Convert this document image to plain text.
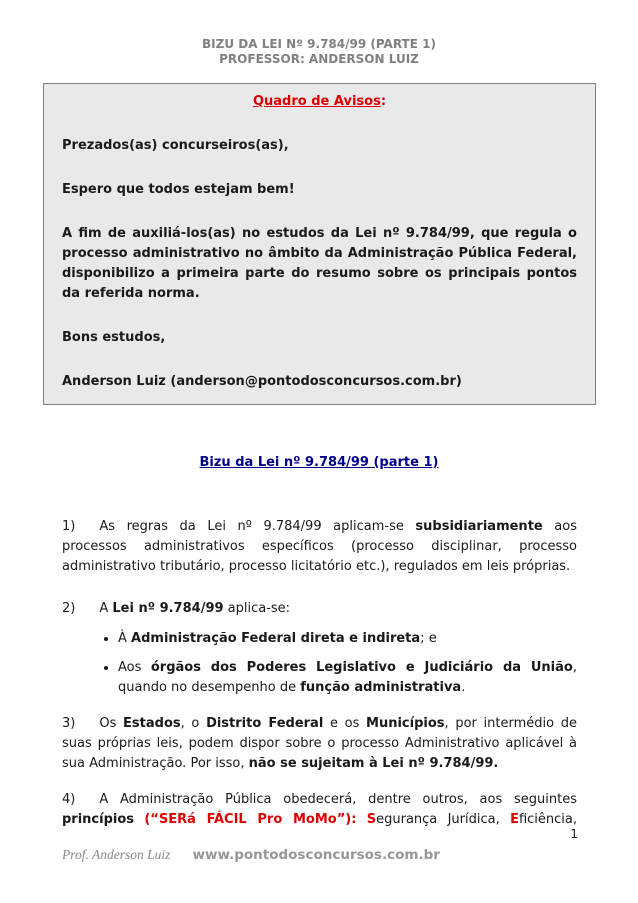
BIZU DA LEI Nº 9.784/99 (PARTE 1)
PROFESSOR: ANDERSON LUIZ
Quadro de Avisos:

Prezados(as) concurseiros(as),

Espero que todos estejam bem!

A fim de auxiliá-los(as) no estudos da Lei nº 9.784/99, que regula o processo administrativo no âmbito da Administração Pública Federal, disponibilizo a primeira parte do resumo sobre os principais pontos da referida norma.

Bons estudos,

Anderson Luiz (anderson@pontodosconcursos.com.br)

Bizu da Lei nº 9.784/99 (parte 1)
1) As regras da Lei nº 9.784/99 aplicam-se subsidiariamente aos processos administrativos específicos (processo disciplinar, processo administrativo tributário, processo licitatório etc.), regulados em leis próprias.
2) A Lei nº 9.784/99 aplica-se:
• À Administração Federal direta e indireta; e
• Aos órgãos dos Poderes Legislativo e Judiciário da União, quando no desempenho de função administrativa.
3) Os Estados, o Distrito Federal e os Municípios, por intermédio de suas próprias leis, podem dispor sobre o processo Administrativo aplicável à sua Administração. Por isso, não se sujeitam à Lei nº 9.784/99.
4) A Administração Pública obedecerá, dentre outros, aos seguintes princípios (“SERá FÁCIL Pro MoMo”): Segurança Jurídica, Eficiência,
1
Prof. Anderson Luiz www.pontodosconcursos.com.br
